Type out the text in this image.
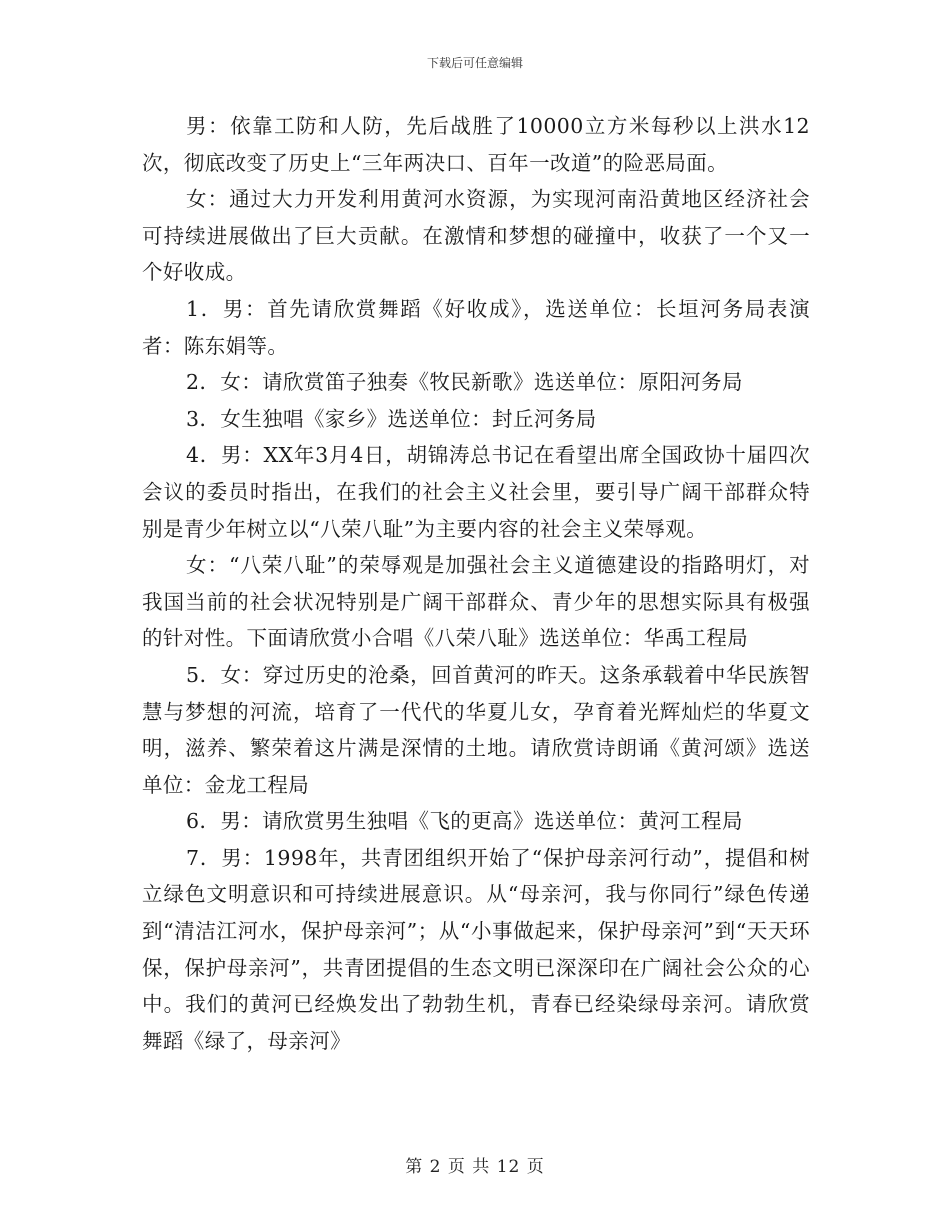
下载后可任意编辑

男：依靠工防和人防，先后战胜了10000立方米每秒以上洪水12次，彻底改变了历史上“三年两决口、百年一改道”的险恶局面。

女：通过大力开发利用黄河水资源，为实现河南沿黄地区经济社会可持续进展做出了巨大贡献。在激情和梦想的碰撞中，收获了一个又一个好收成。

1．男：首先请欣赏舞蹈《好收成》，选送单位：长垣河务局表演者：陈东娟等。

2．女：请欣赏笛子独奏《牧民新歌》选送单位：原阳河务局

3．女生独唱《家乡》选送单位：封丘河务局

4．男：XX年3月4日，胡锦涛总书记在看望出席全国政协十届四次会议的委员时指出，在我们的社会主义社会里，要引导广阔干部群众特别是青少年树立以“八荣八耻”为主要内容的社会主义荣辱观。

女：“八荣八耻”的荣辱观是加强社会主义道德建设的指路明灯，对我国当前的社会状况特别是广阔干部群众、青少年的思想实际具有极强的针对性。下面请欣赏小合唱《八荣八耻》选送单位：华禹工程局

5．女：穿过历史的沧桑，回首黄河的昨天。这条承载着中华民族智慧与梦想的河流，培育了一代代的华夏儿女，孕育着光辉灿烂的华夏文明，滋养、繁荣着这片满是深情的土地。请欣赏诗朗诵《黄河颂》选送单位：金龙工程局

6．男：请欣赏男生独唱《飞的更高》选送单位：黄河工程局

7．男：1998年，共青团组织开始了“保护母亲河行动”，提倡和树立绿色文明意识和可持续进展意识。从“母亲河，我与你同行”绿色传递到“清洁江河水，保护母亲河”；从“小事做起来，保护母亲河”到“天天环保，保护母亲河”，共青团提倡的生态文明已深深印在广阔社会公众的心中。我们的黄河已经焕发出了勃勃生机，青春已经染绿母亲河。请欣赏舞蹈《绿了，母亲河》

第 2 页 共 12 页
